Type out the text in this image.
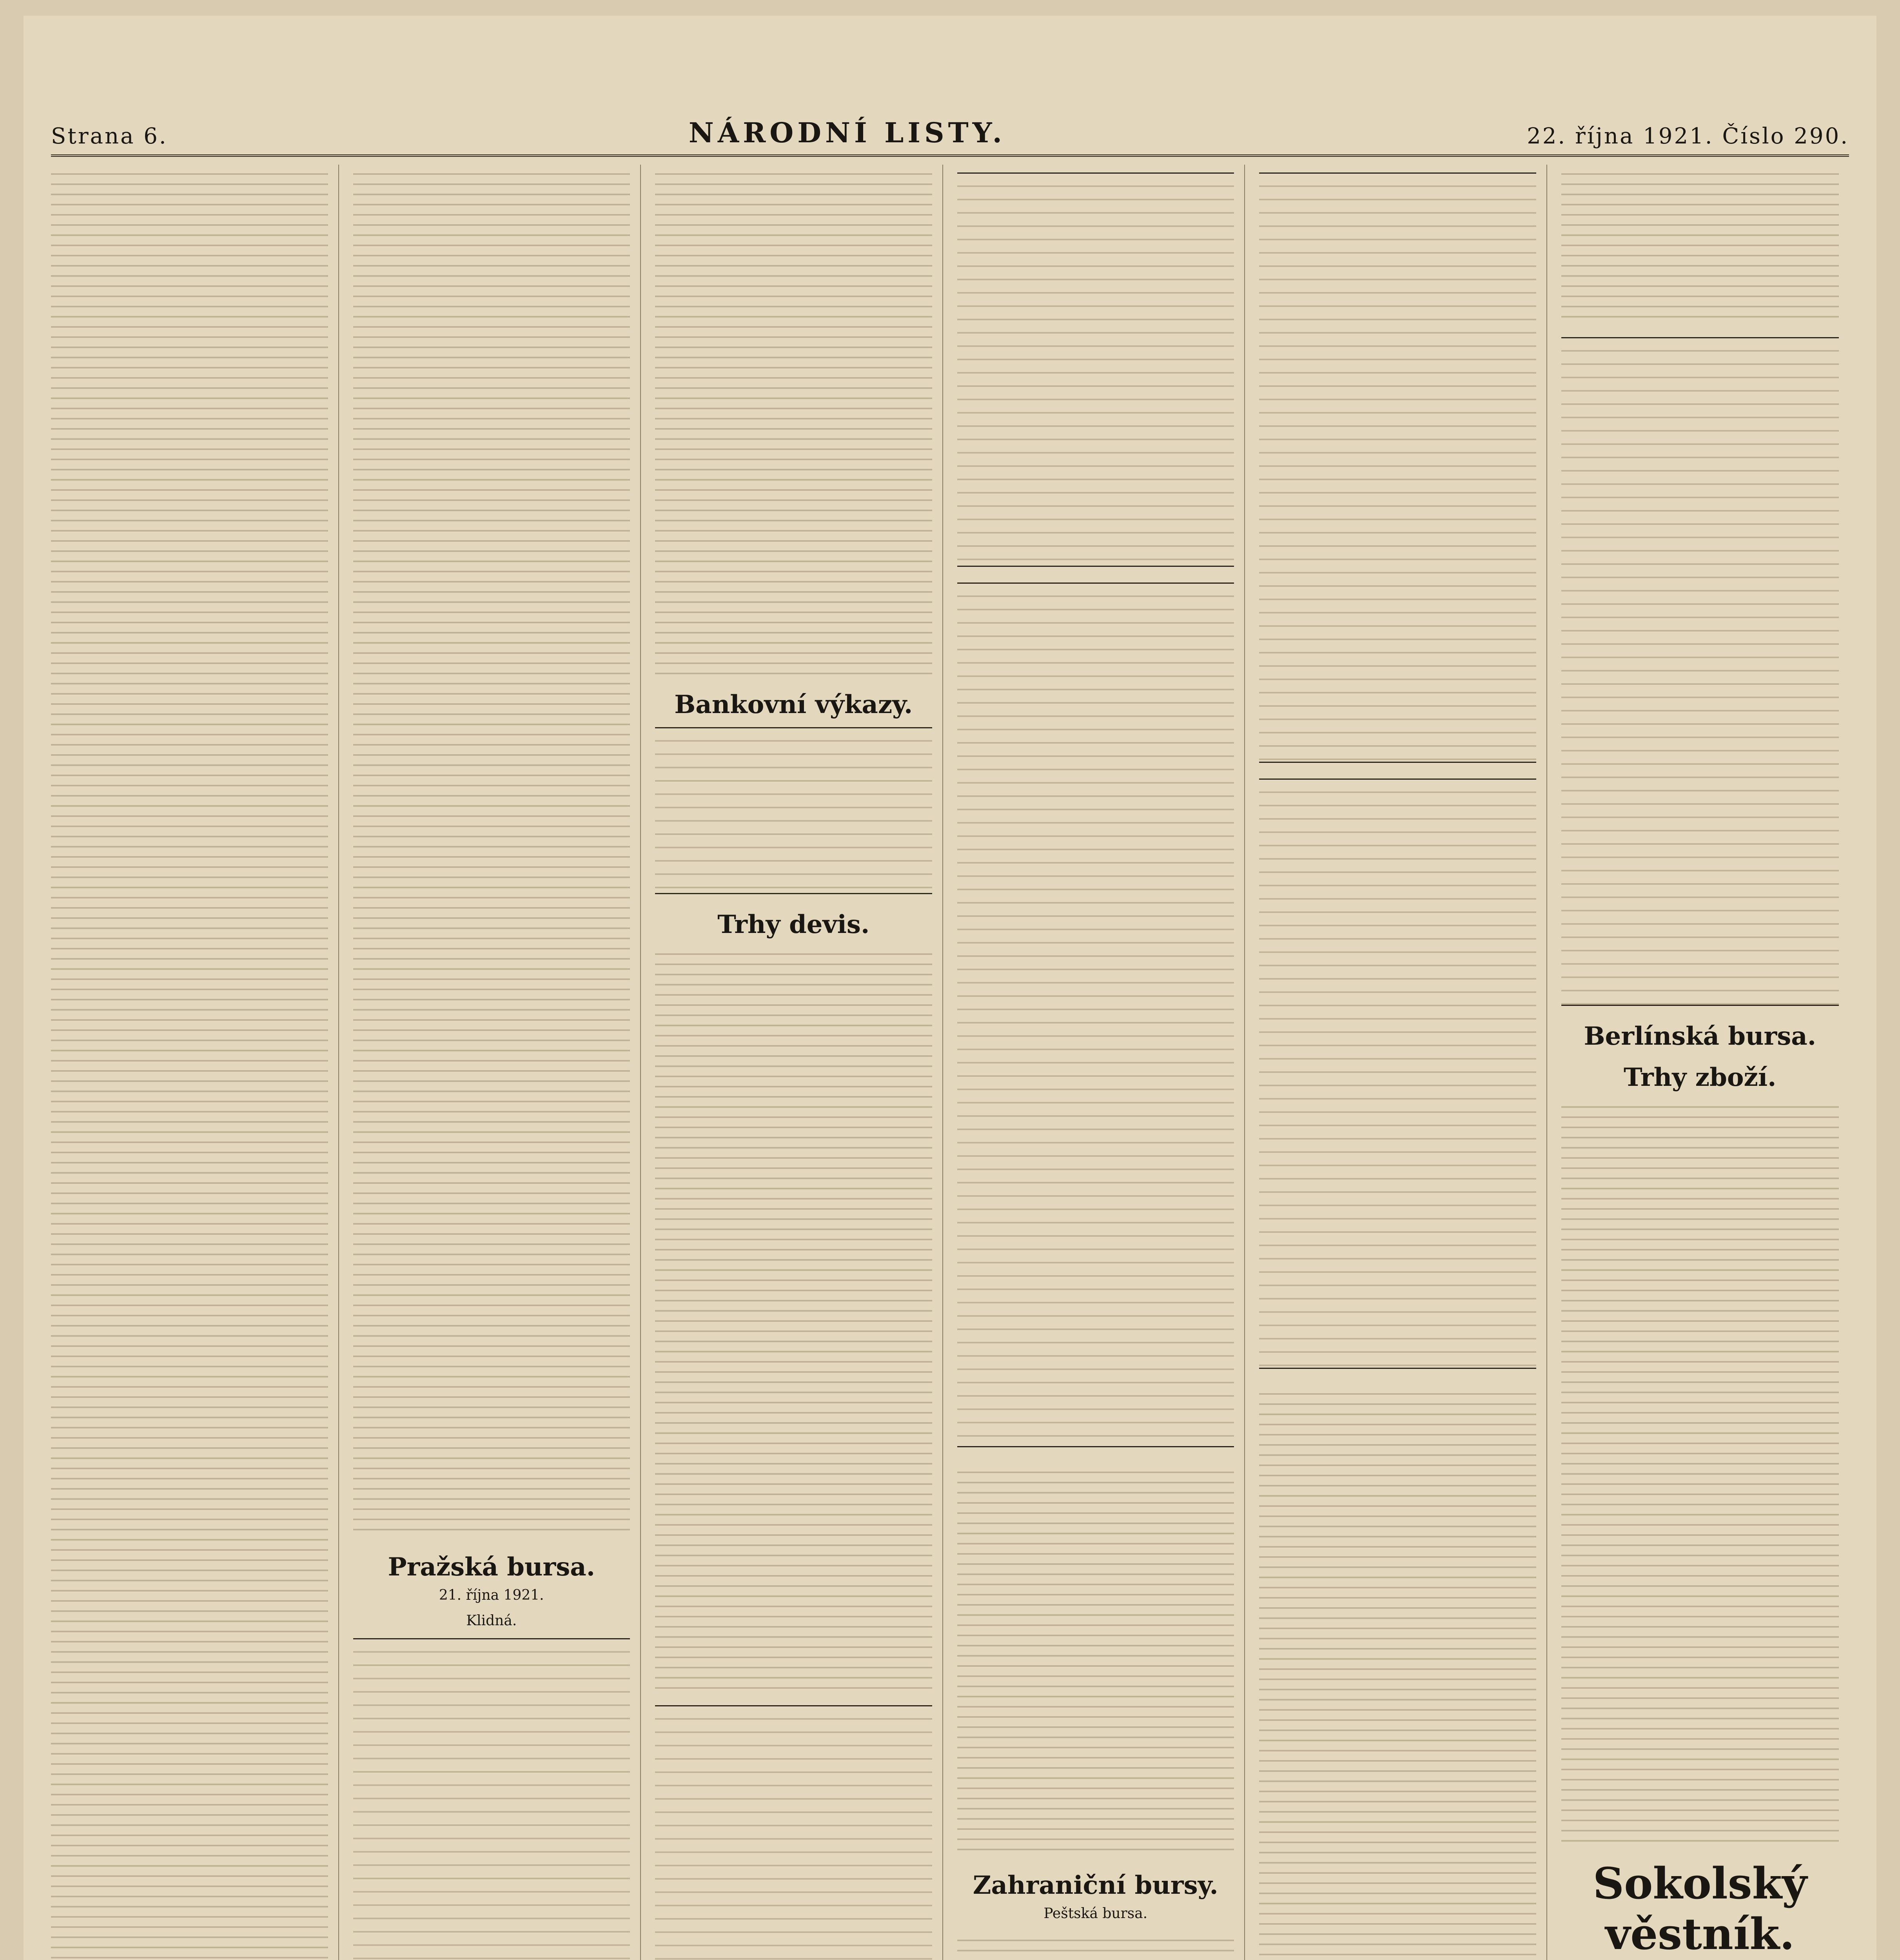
Strana 6.	NÁRODNÍ LISTY.	22. října 1921. Číslo 290.
Pražská bursa.
21. října 1921.
Klidná.
Bankovní výkazy.
Trhy devis.
Zahraniční bursy.
Peštská bursa.
Berlínská bursa.
Trhy zboží.
Sokolský věstník.
